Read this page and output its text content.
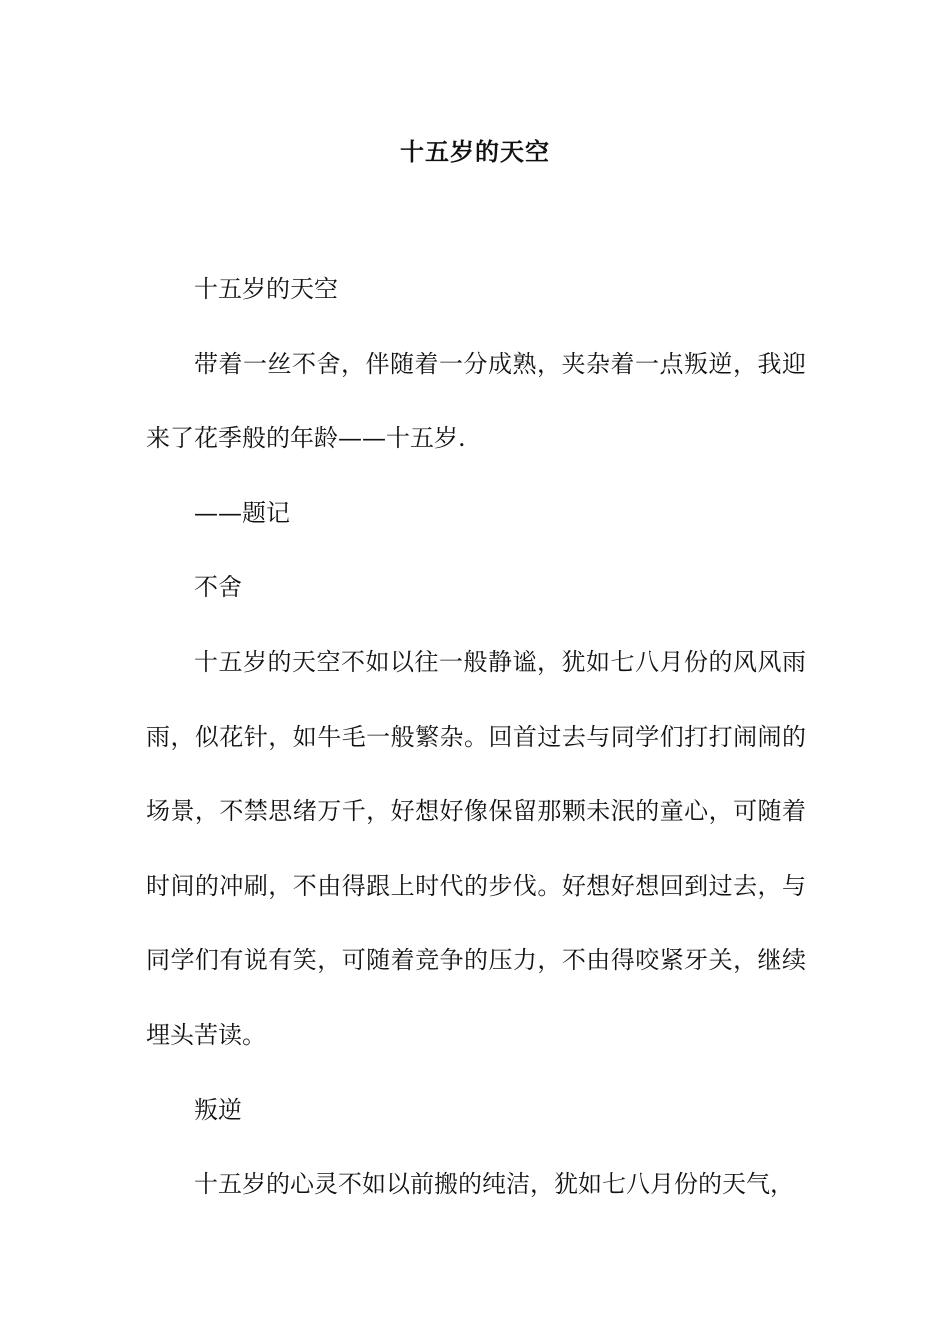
十五岁的天空

十五岁的天空

带着一丝不舍，伴随着一分成熟，夹杂着一点叛逆，我迎来了花季般的年龄——十五岁.

——题记

不舍

十五岁的天空不如以往一般静谧，犹如七八月份的风风雨雨，似花针，如牛毛一般繁杂。回首过去与同学们打打闹闹的场景，不禁思绪万千，好想好像保留那颗未泯的童心，可随着时间的冲刷，不由得跟上时代的步伐。好想好想回到过去，与同学们有说有笑，可随着竞争的压力，不由得咬紧牙关，继续埋头苦读。

叛逆

十五岁的心灵不如以前搬的纯洁，犹如七八月份的天气，
